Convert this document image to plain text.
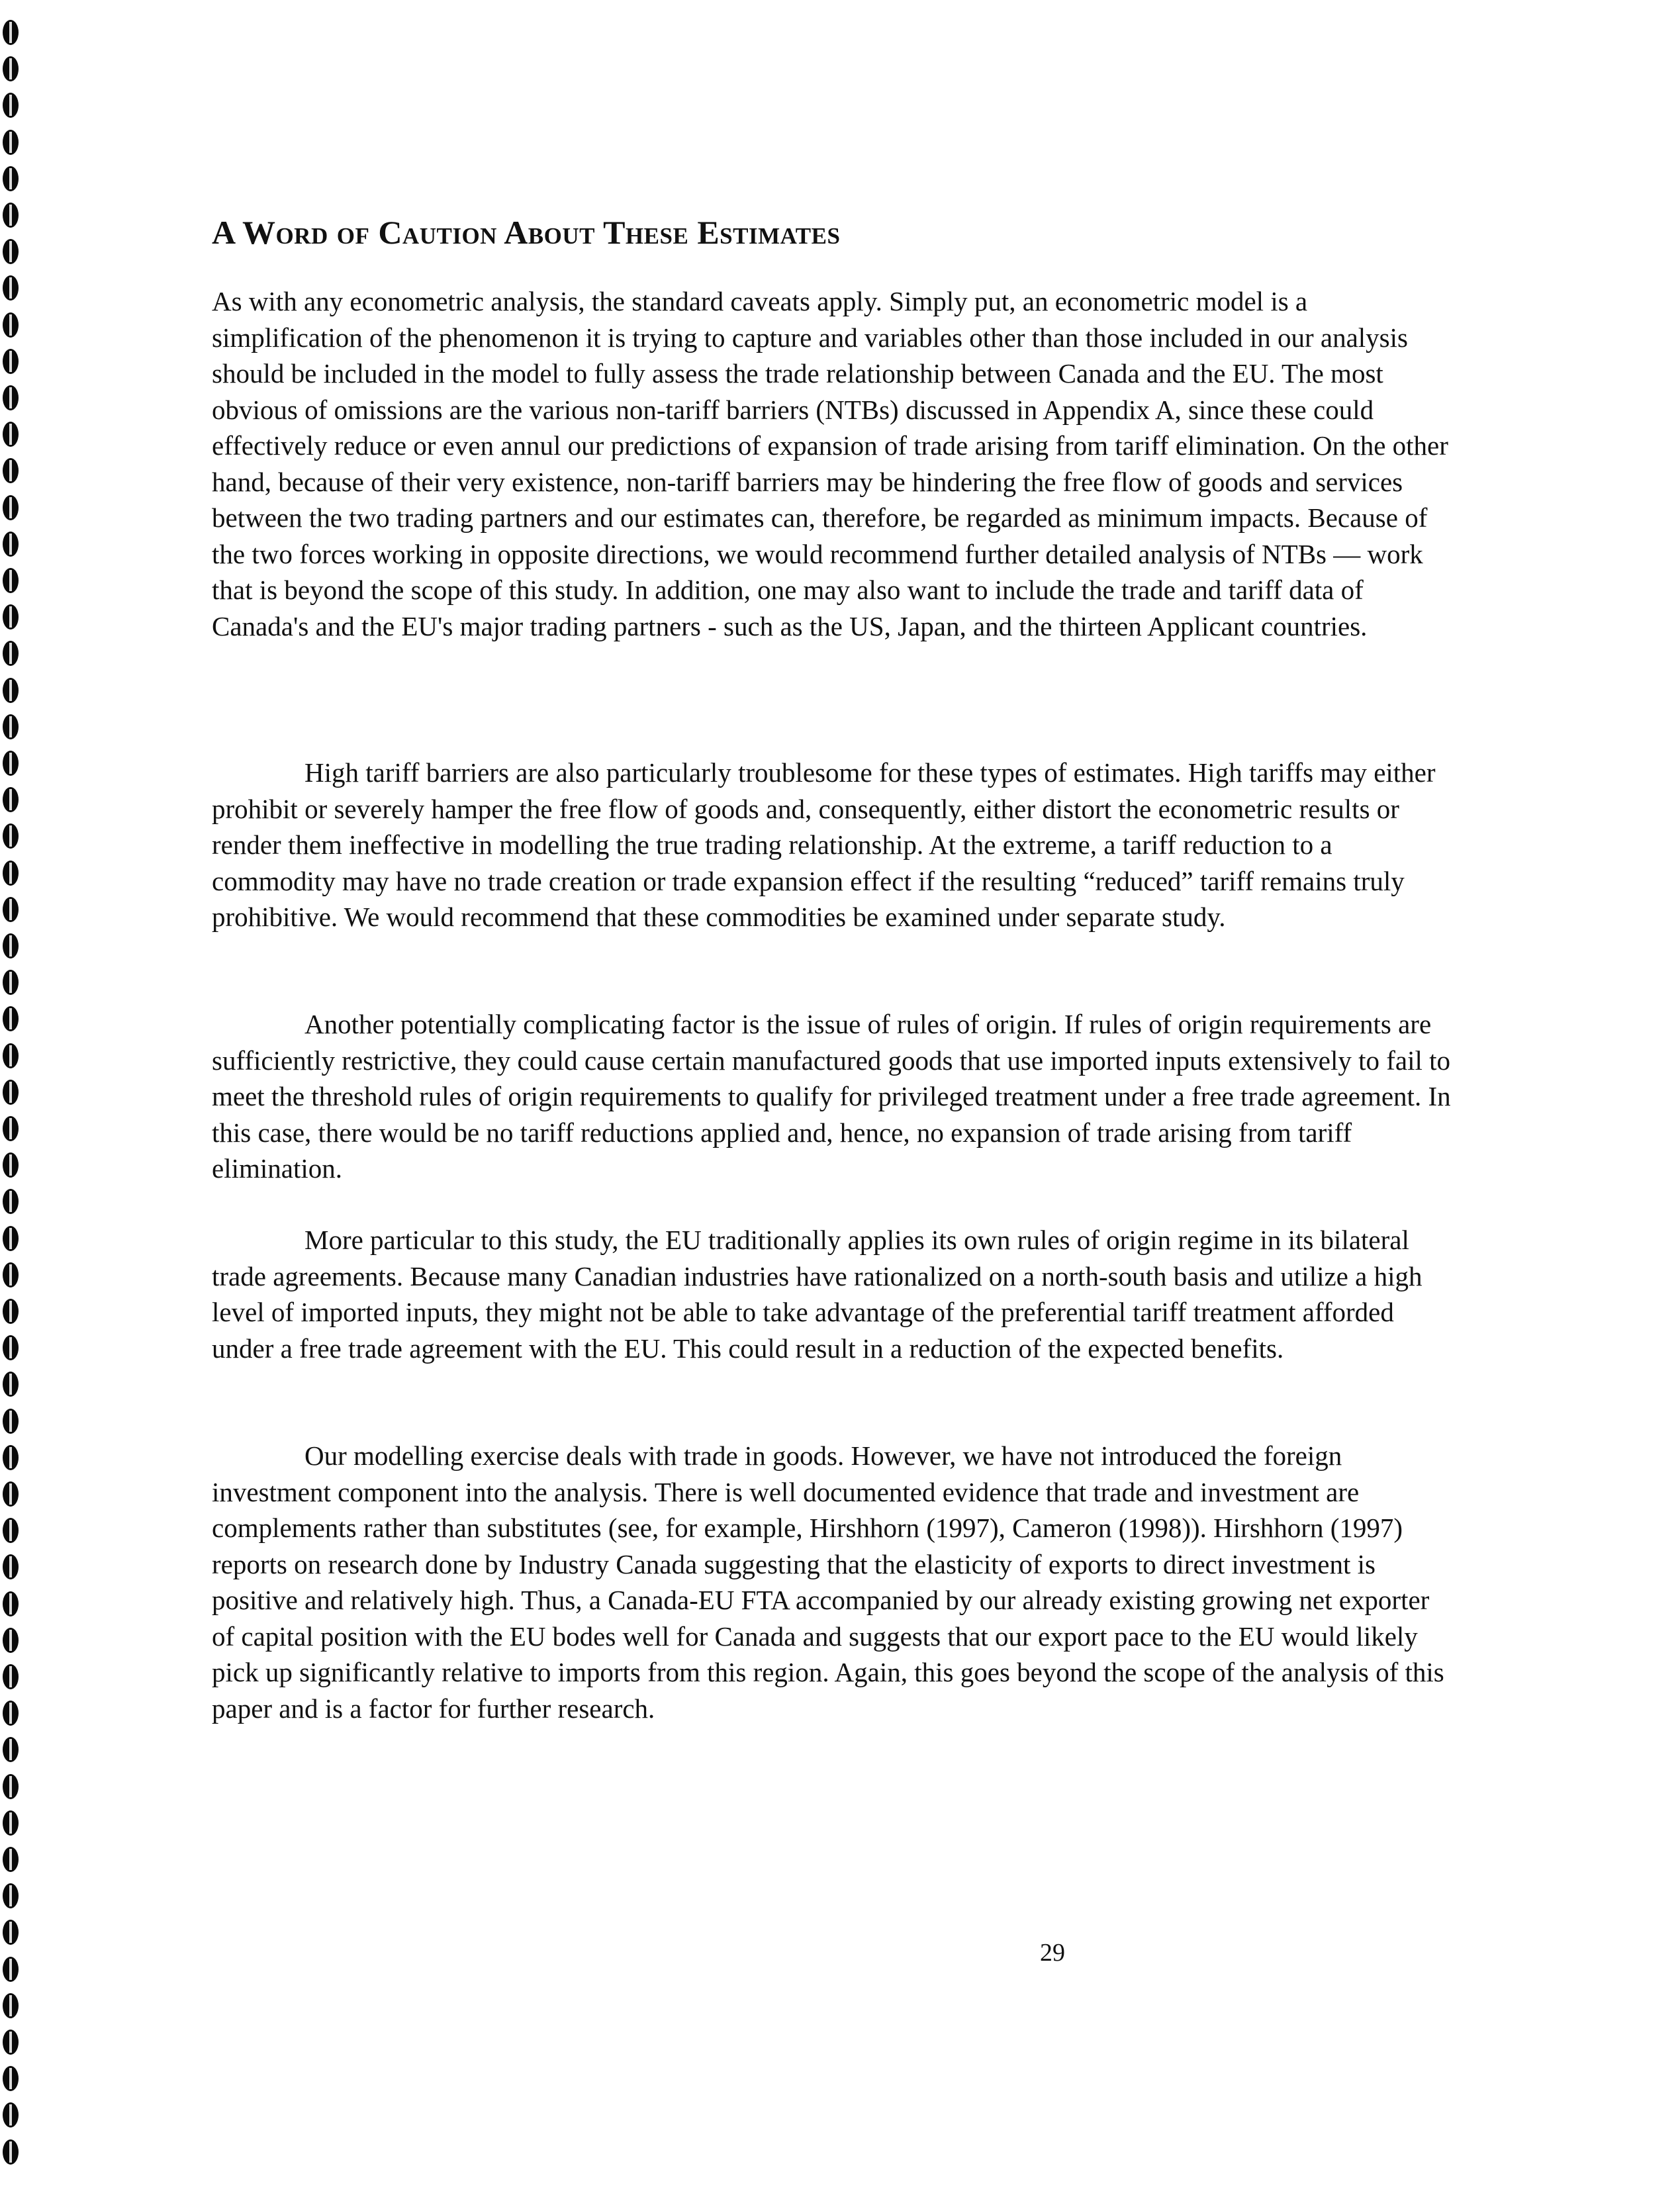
A Word of Caution About These Estimates

As with any econometric analysis, the standard caveats apply. Simply put, an econometric model is a simplification of the phenomenon it is trying to capture and variables other than those included in our analysis should be included in the model to fully assess the trade relationship between Canada and the EU. The most obvious of omissions are the various non-tariff barriers (NTBs) discussed in Appendix A, since these could effectively reduce or even annul our predictions of expansion of trade arising from tariff elimination. On the other hand, because of their very existence, non-tariff barriers may be hindering the free flow of goods and services between the two trading partners and our estimates can, therefore, be regarded as minimum impacts. Because of the two forces working in opposite directions, we would recommend further detailed analysis of NTBs — work that is beyond the scope of this study. In addition, one may also want to include the trade and tariff data of Canada's and the EU's major trading partners - such as the US, Japan, and the thirteen Applicant countries.

High tariff barriers are also particularly troublesome for these types of estimates. High tariffs may either prohibit or severely hamper the free flow of goods and, consequently, either distort the econometric results or render them ineffective in modelling the true trading relationship. At the extreme, a tariff reduction to a commodity may have no trade creation or trade expansion effect if the resulting “reduced” tariff remains truly prohibitive. We would recommend that these commodities be examined under separate study.

Another potentially complicating factor is the issue of rules of origin. If rules of origin requirements are sufficiently restrictive, they could cause certain manufactured goods that use imported inputs extensively to fail to meet the threshold rules of origin requirements to qualify for privileged treatment under a free trade agreement. In this case, there would be no tariff reductions applied and, hence, no expansion of trade arising from tariff elimination.

More particular to this study, the EU traditionally applies its own rules of origin regime in its bilateral trade agreements. Because many Canadian industries have rationalized on a north-south basis and utilize a high level of imported inputs, they might not be able to take advantage of the preferential tariff treatment afforded under a free trade agreement with the EU. This could result in a reduction of the expected benefits.

Our modelling exercise deals with trade in goods. However, we have not introduced the foreign investment component into the analysis. There is well documented evidence that trade and investment are complements rather than substitutes (see, for example, Hirshhorn (1997), Cameron (1998)). Hirshhorn (1997) reports on research done by Industry Canada suggesting that the elasticity of exports to direct investment is positive and relatively high. Thus, a Canada-EU FTA accompanied by our already existing growing net exporter of capital position with the EU bodes well for Canada and suggests that our export pace to the EU would likely pick up significantly relative to imports from this region. Again, this goes beyond the scope of the analysis of this paper and is a factor for further research.

29
